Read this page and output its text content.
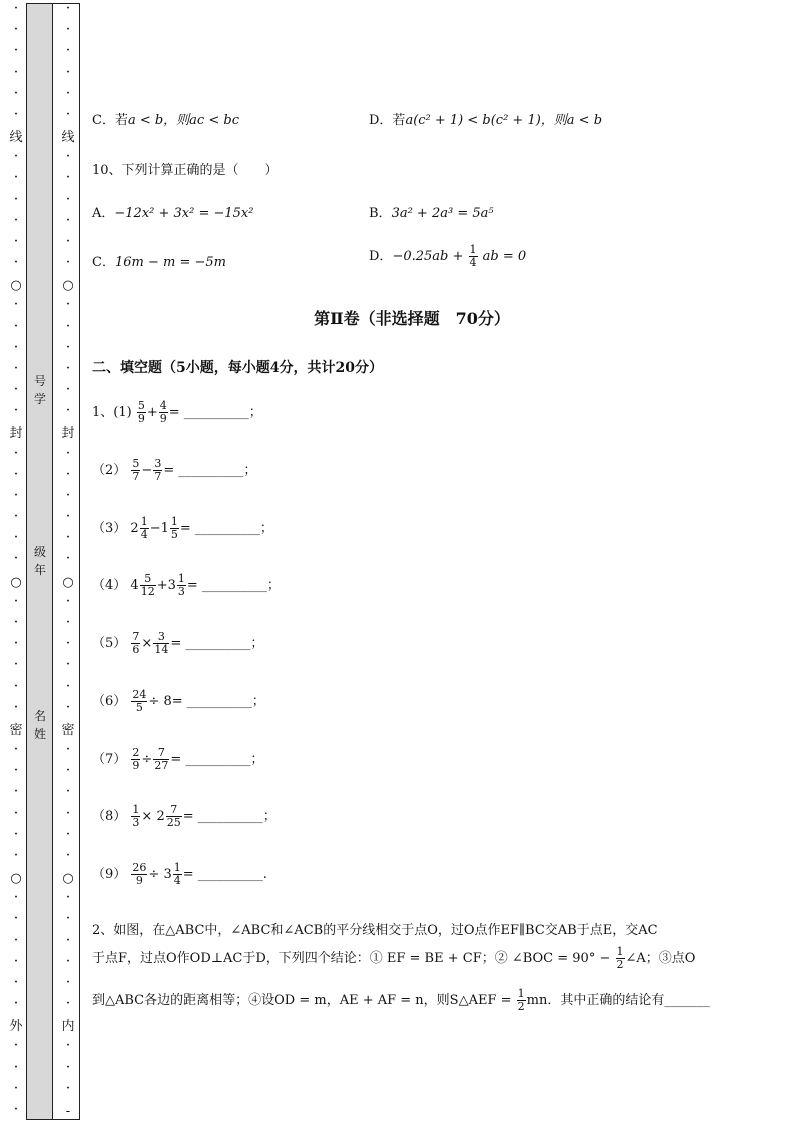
·
·
·
·
·
·
线
·
·
·
·
·
·
○
·
·
·
·
·
·
封
·
·
·
·
·
·
○
·
·
·
·
·
·
密
·
·
·
·
·
·
○
·
·
·
·
·
·
外
·
·
·
·
·
·
·
·
·
·
线
·
·
·
·
·
·
○
·
·
·
·
·
·
封
·
·
·
·
·
·
○
·
·
·
·
·
·
密
·
·
·
·
·
·
○
·
·
·
·
·
·
内
·
·
·
-
号
学
级
年
名
姓
C．若a < b，则ac < bc	D．若a(c² + 1) < b(c² + 1)，则a < b
10、下列计算正确的是（　　）
A．−12x² + 3x² = −15x²	B．3a² + 2a³ = 5a⁵
C．16m − m = −5m	D．$-0.25ab + \frac{1}{4}$ ab = 0
第Ⅱ卷（非选择题　70分）
二、填空题（5小题，每小题4分，共计20分）
1、$(1) \frac{5}{9} + \frac{4}{9}$ = __________；
$(2) \frac{5}{7} - \frac{3}{7}$ = __________；
（3） $2 \frac{1}{4} -1 \frac{1}{5}$ = __________；
（4） $4 \frac{5}{12} +3 \frac{1}{3}$ = __________；
$(5) \frac{7}{6} \times \frac{3}{14}$ = __________；
$(6) \frac{24}{5} \div 8=$ __________；
$(7) \frac{2}{9} \div \frac{7}{27}$ = __________；
$(8) \frac{1}{3} \times 2 \frac{7}{25}$ = __________；
$(9) \frac{26}{9} \div 3 \frac{1}{4}$ = __________.
2、如图，在△ABC中，∠ABC和∠ACB的平分线相交于点O，过O点作EF∥BC交AB于点E，交AC
于点F，过点O作OD⊥AC于D，下列四个结论：① EF = BE + CF；② ∠BOC = $90^\circ - \frac{1}{2}$ ∠A；③点O
到△ABC各边的距离相等；④设OD = m，AE + AF = n，则S△AEF = $\frac{1}{2}$ mn．其中正确的结论有_______
